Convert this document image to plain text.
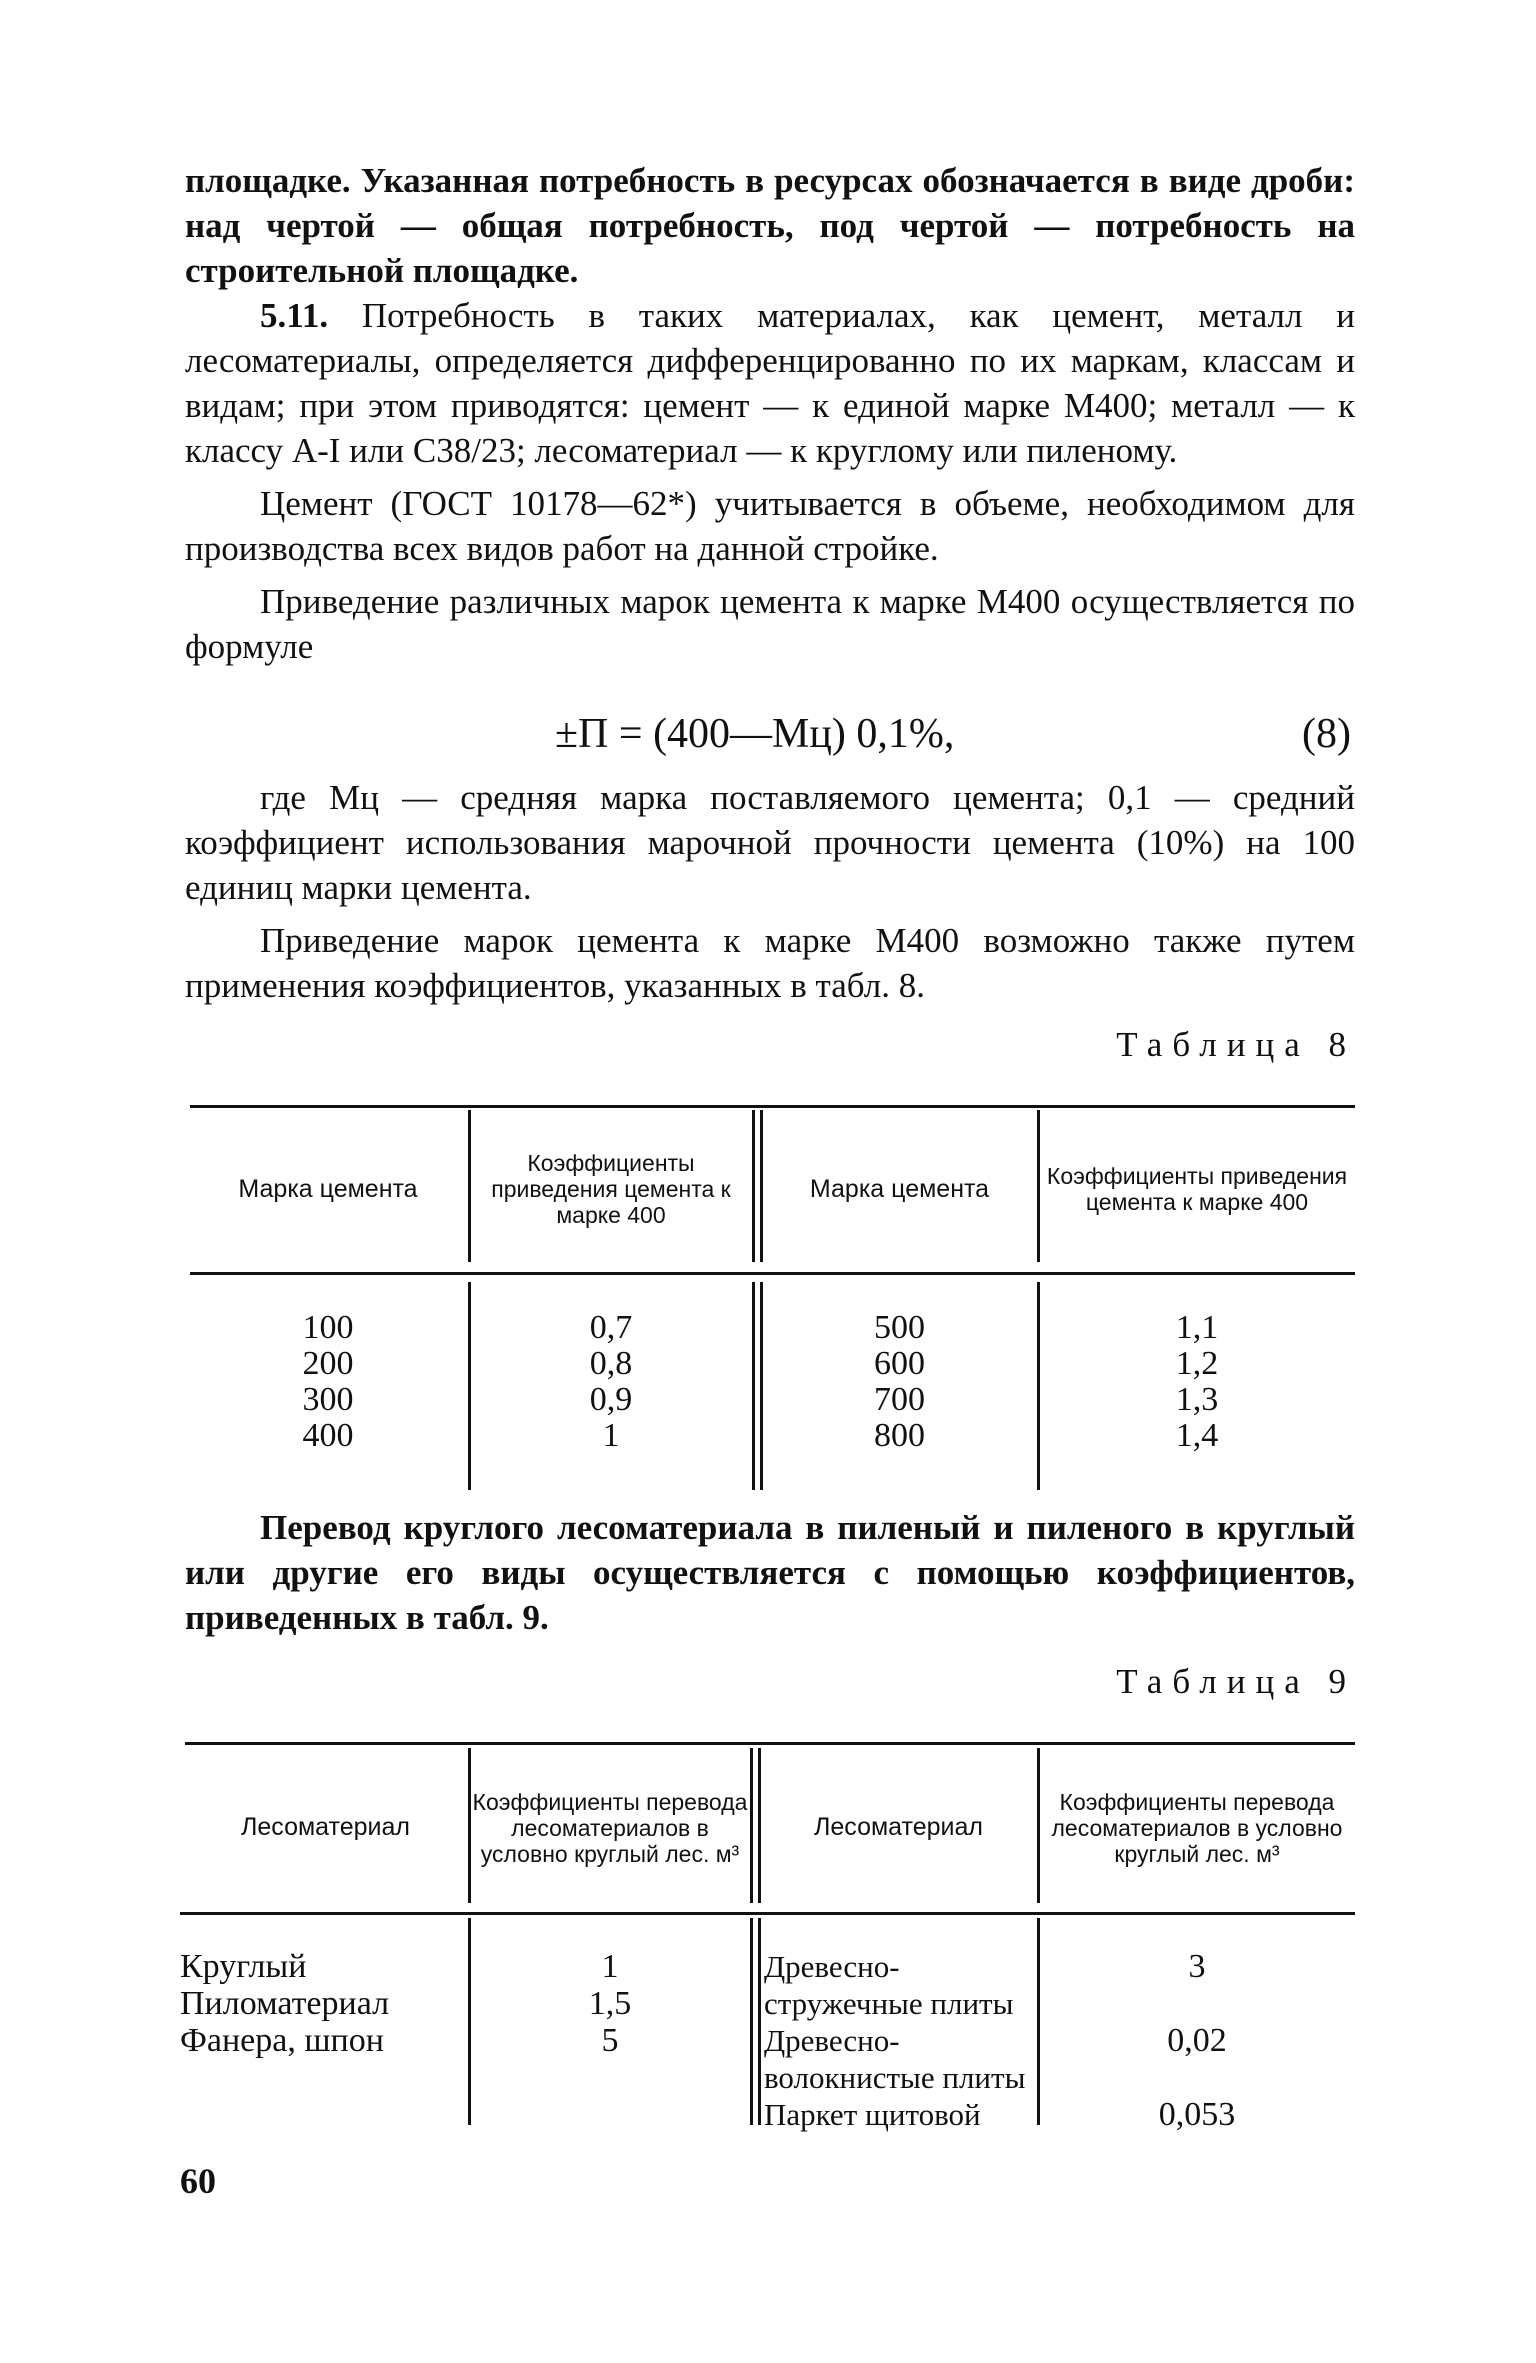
площадке. Указанная потребность в ресурсах обозначается в виде дроби: над чертой — общая потребность, под чертой — потребность на строительной площадке.

5.11. Потребность в таких материалах, как цемент, металл и лесоматериалы, определяется дифференцированно по их маркам, классам и видам; при этом приводятся: цемент — к единой марке М400; металл — к классу А-I или С38/23; лесоматериал — к круглому или пиленому.

Цемент (ГОСТ 10178—62*) учитывается в объеме, необходимом для производства всех видов работ на данной стройке.

Приведение различных марок цемента к марке М400 осуществляется по формуле

±П = (400—Мц) 0,1%,	(8)

где Мц — средняя марка поставляемого цемента; 0,1 — средний коэффициент использования марочной прочности цемента (10%) на 100 единиц марки цемента.

Приведение марок цемента к марке М400 возможно также путем применения коэффициентов, указанных в табл. 8.

Таблица 8
Марка цемента
Коэффициенты приведения цемента к марке 400
Марка цемента	Коэффициенты приведения цемента к марке 400
100
200
300
400
0,7
0,8
0,9
1
500
600
700
800
1,1
1,2
1,3
1,4

Перевод круглого лесоматериала в пиленый и пиленого в круглый или другие его виды осуществляется с помощью коэффициентов, приведенных в табл. 9.

Таблица 9
Лесоматериал
Коэффициенты перевода лесоматериалов в условно круглый лес. м³
Лесоматериал
Коэффициенты перевода лесоматериалов в условно круглый лес. м³
Круглый
Пиломатериал
Фанера, шпон
1
1,5
5
Древесно-стружечные плиты
Древесно-волокнистые плиты
Паркет щитовой
3
0,02
0,053
60
